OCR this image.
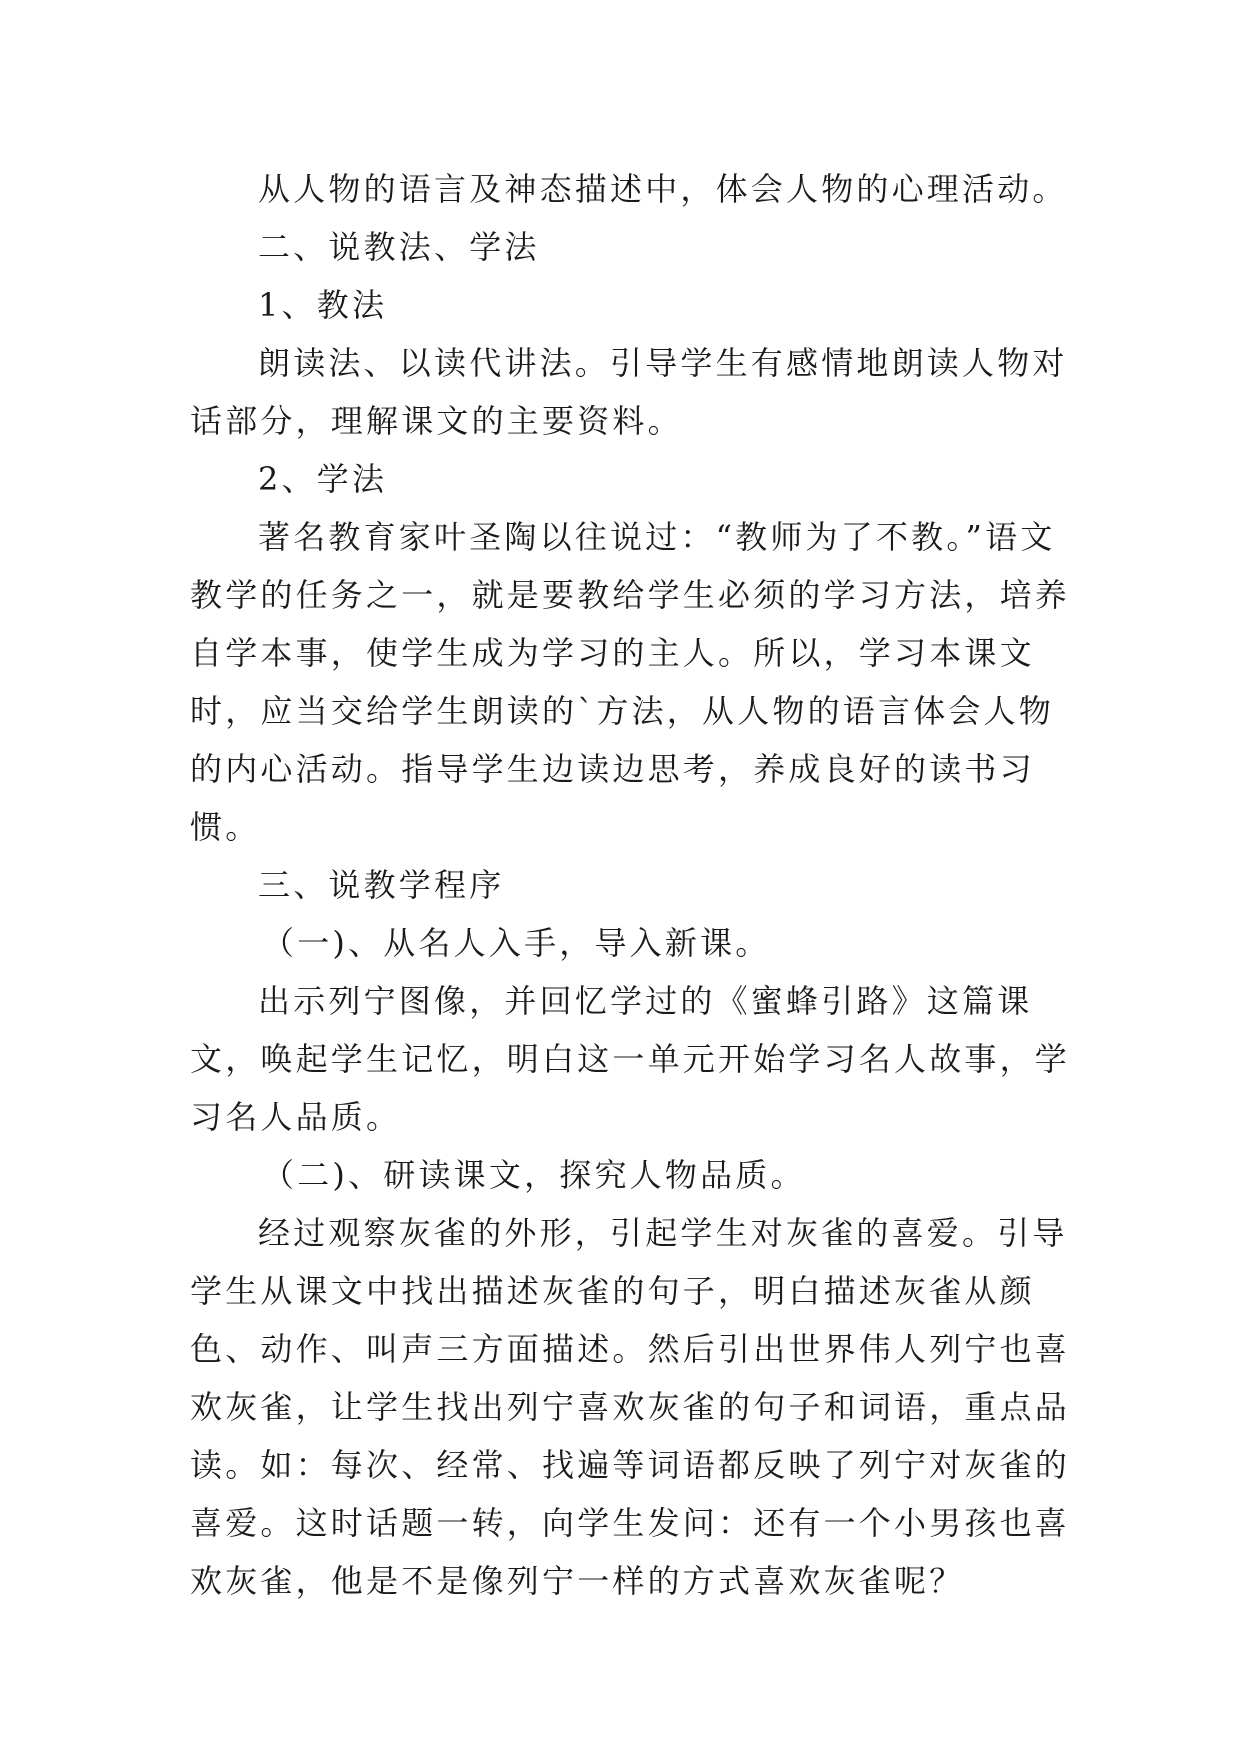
从人物的语言及神态描述中，体会人物的心理活动。

二、说教法、学法

1、教法

朗读法、以读代讲法。引导学生有感情地朗读人物对话部分，理解课文的主要资料。

2、学法

著名教育家叶圣陶以往说过：“教师为了不教。”语文教学的任务之一，就是要教给学生必须的学习方法，培养自学本事，使学生成为学习的主人。所以，学习本课文时，应当交给学生朗读的`方法，从人物的语言体会人物的内心活动。指导学生边读边思考，养成良好的读书习惯。

三、说教学程序

（一)、从名人入手，导入新课。

出示列宁图像，并回忆学过的《蜜蜂引路》这篇课文，唤起学生记忆，明白这一单元开始学习名人故事，学习名人品质。

（二)、研读课文，探究人物品质。

经过观察灰雀的外形，引起学生对灰雀的喜爱。引导学生从课文中找出描述灰雀的句子，明白描述灰雀从颜色、动作、叫声三方面描述。然后引出世界伟人列宁也喜欢灰雀，让学生找出列宁喜欢灰雀的句子和词语，重点品读。如：每次、经常、找遍等词语都反映了列宁对灰雀的喜爱。这时话题一转，向学生发问：还有一个小男孩也喜欢灰雀，他是不是像列宁一样的方式喜欢灰雀呢？
